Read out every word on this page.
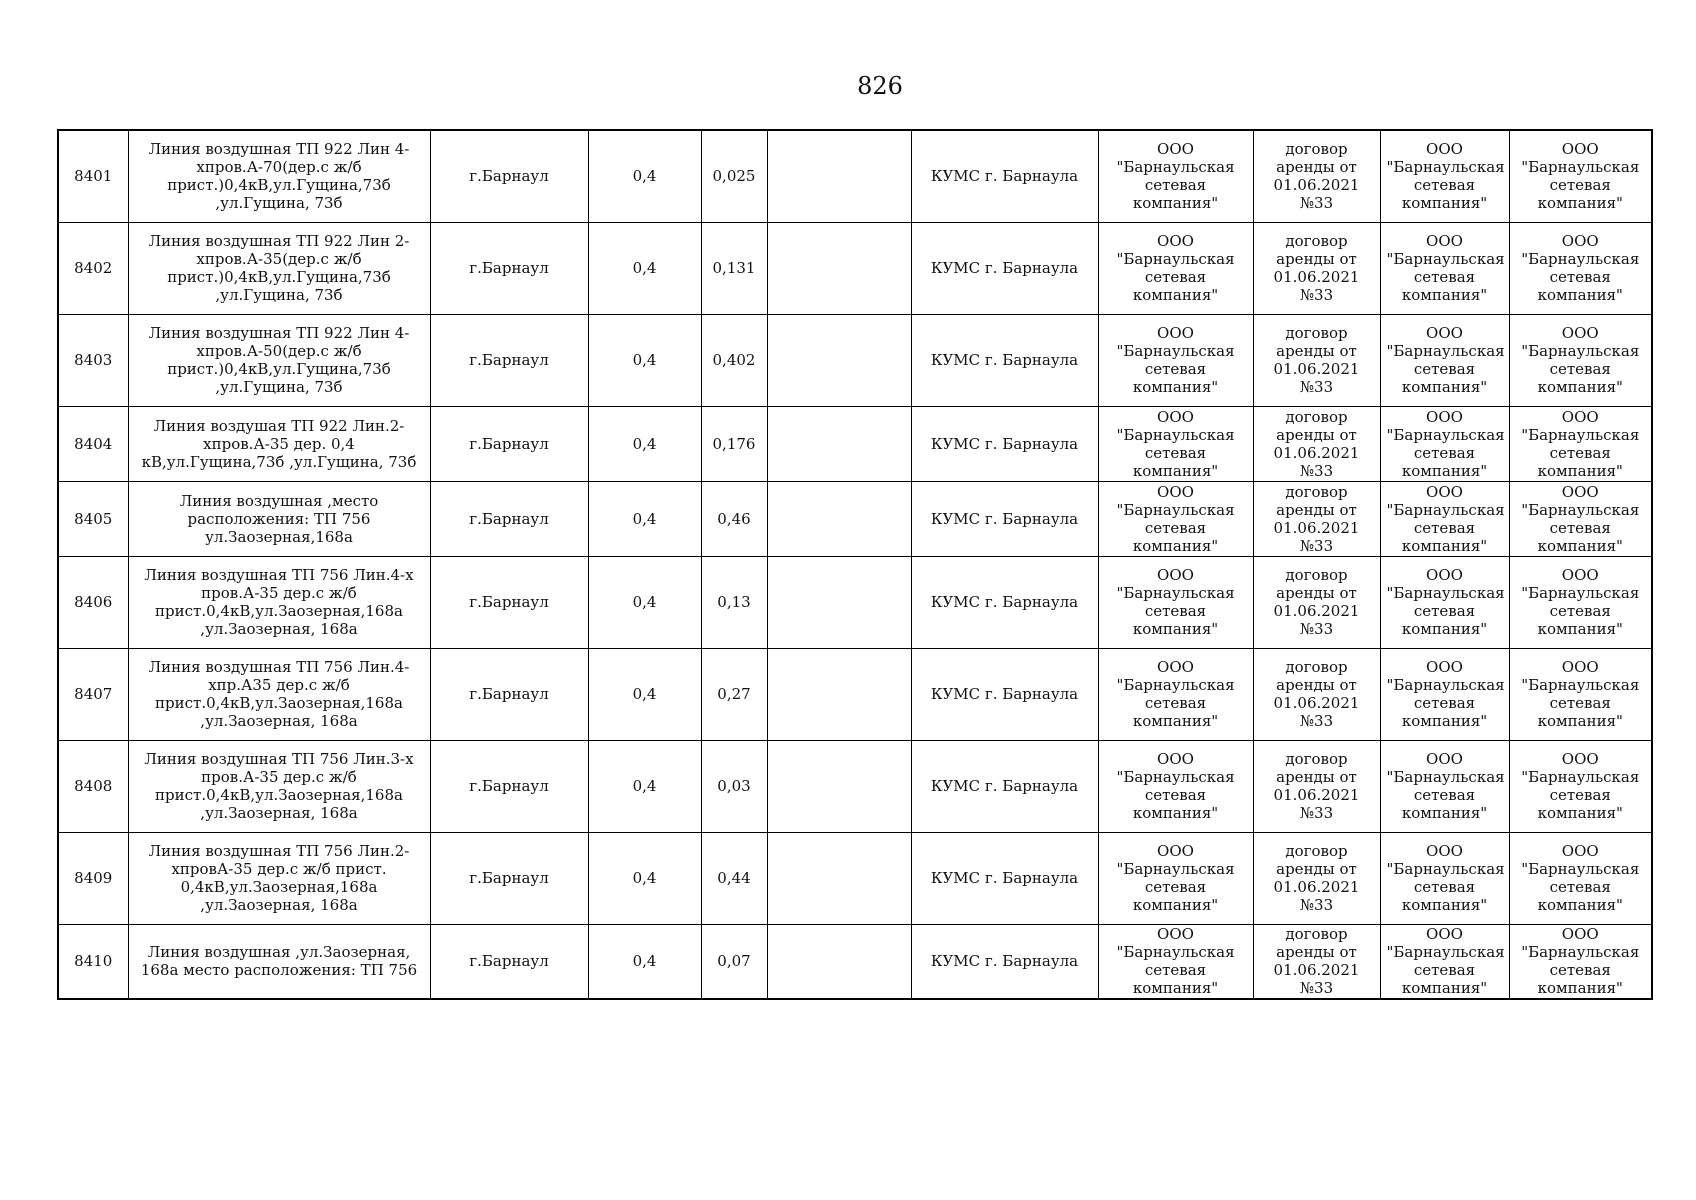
826
8401	Линия воздушная ТП 922 Лин 4-хпров.А-70(дер.с ж/б прист.)0,4кВ,ул.Гущина,73б ,ул.Гущина, 73б	г.Барнаул	0,4	0,025		КУМС г. Барнаула	ООО "Барнаульская сетевая компания"	договор аренды от 01.06.2021 №33	ООО "Барнаульская сетевая компания"	ООО "Барнаульская сетевая компания"
8402	Линия воздушная ТП 922 Лин 2-хпров.А-35(дер.с ж/б прист.)0,4кВ,ул.Гущина,73б ,ул.Гущина, 73б	г.Барнаул	0,4	0,131		КУМС г. Барнаула	ООО "Барнаульская сетевая компания"	договор аренды от 01.06.2021 №33	ООО "Барнаульская сетевая компания"	ООО "Барнаульская сетевая компания"
8403	Линия воздушная ТП 922 Лин 4-хпров.А-50(дер.с ж/б прист.)0,4кВ,ул.Гущина,73б ,ул.Гущина, 73б	г.Барнаул	0,4	0,402		КУМС г. Барнаула	ООО "Барнаульская сетевая компания"	договор аренды от 01.06.2021 №33	ООО "Барнаульская сетевая компания"	ООО "Барнаульская сетевая компания"
8404	Линия воздушая ТП 922 Лин.2-хпров.А-35 дер. 0,4 кВ,ул.Гущина,73б ,ул.Гущина, 73б	г.Барнаул	0,4	0,176		КУМС г. Барнаула	ООО "Барнаульская сетевая компания"	договор аренды от 01.06.2021 №33	ООО "Барнаульская сетевая компания"	ООО "Барнаульская сетевая компания"
8405	Линия воздушная ,место расположения: ТП 756 ул.Заозерная,168а	г.Барнаул	0,4	0,46		КУМС г. Барнаула	ООО "Барнаульская сетевая компания"	договор аренды от 01.06.2021 №33	ООО "Барнаульская сетевая компания"	ООО "Барнаульская сетевая компания"
8406	Линия воздушная ТП 756 Лин.4-х пров.А-35 дер.с ж/б прист.0,4кВ,ул.Заозерная,168а ,ул.Заозерная, 168а	г.Барнаул	0,4	0,13		КУМС г. Барнаула	ООО "Барнаульская сетевая компания"	договор аренды от 01.06.2021 №33	ООО "Барнаульская сетевая компания"	ООО "Барнаульская сетевая компания"
8407	Линия воздушная ТП 756 Лин.4-хпр.А35 дер.с ж/б прист.0,4кВ,ул.Заозерная,168а ,ул.Заозерная, 168а	г.Барнаул	0,4	0,27		КУМС г. Барнаула	ООО "Барнаульская сетевая компания"	договор аренды от 01.06.2021 №33	ООО "Барнаульская сетевая компания"	ООО "Барнаульская сетевая компания"
8408	Линия воздушная ТП 756 Лин.3-х пров.А-35 дер.с ж/б прист.0,4кВ,ул.Заозерная,168а ,ул.Заозерная, 168а	г.Барнаул	0,4	0,03		КУМС г. Барнаула	ООО "Барнаульская сетевая компания"	договор аренды от 01.06.2021 №33	ООО "Барнаульская сетевая компания"	ООО "Барнаульская сетевая компания"
8409	Линия воздушная ТП 756 Лин.2-хпровА-35 дер.с ж/б прист. 0,4кВ,ул.Заозерная,168а ,ул.Заозерная, 168а	г.Барнаул	0,4	0,44		КУМС г. Барнаула	ООО "Барнаульская сетевая компания"	договор аренды от 01.06.2021 №33	ООО "Барнаульская сетевая компания"	ООО "Барнаульская сетевая компания"
8410	Линия воздушная ,ул.Заозерная, 168а место расположения: ТП 756	г.Барнаул	0,4	0,07		КУМС г. Барнаула	ООО "Барнаульская сетевая компания"	договор аренды от 01.06.2021 №33	ООО "Барнаульская сетевая компания"	ООО "Барнаульская сетевая компания"
